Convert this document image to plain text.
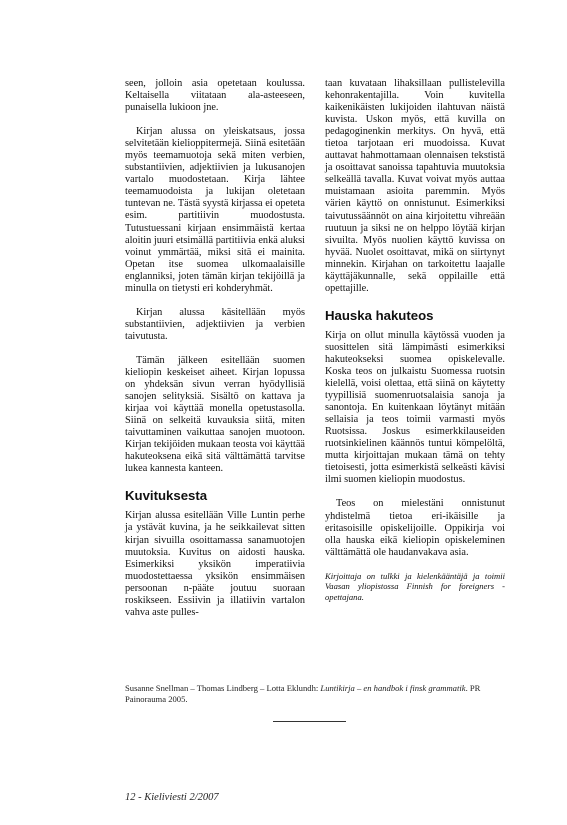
seen, jolloin asia opetetaan koulussa. Keltaisella viitataan ala-asteeseen, punaisella lukioon jne.

Kirjan alussa on yleiskatsaus, jossa selvitetään kielioppitermejä. Siinä esitetään myös teemamuotoja sekä miten verbien, substantiivien, adjektiivien ja lukusanojen vartalo muodostetaan. Kirja lähtee teemamuodoista ja lukijan oletetaan tuntevan ne. Tästä syystä kirjassa ei opeteta esim. partitiivin muodostusta. Tutustuessani kirjaan ensimmäistä kertaa aloitin juuri etsimällä partitiivia enkä aluksi voinut ymmärtää, miksi sitä ei mainita. Opetan itse suomea ulkomaalaisille englanniksi, joten tämän kirjan tekijöillä ja minulla on tietysti eri kohderyhmät.

Kirjan alussa käsitellään myös substantiivien, adjektiivien ja verbien taivutusta.

Tämän jälkeen esitellään suomen kieliopin keskeiset aiheet. Kirjan lopussa on yhdeksän sivun verran hyödyllisiä sanojen selityksiä. Sisältö on kattava ja kirjaa voi käyttää monella opetustasolla. Siinä on selkeitä kuvauksia siitä, miten taivuttaminen vaikuttaa sanojen muotoon. Kirjan tekijöiden mukaan teosta voi käyttää hakuteoksena eikä sitä välttämättä tarvitse lukea kannesta kanteen.

Kuvituksesta

Kirjan alussa esitellään Ville Luntin perhe ja ystävät kuvina, ja he seikkailevat sitten kirjan sivuilla osoittamassa sanamuotojen muutoksia. Kuvitus on aidosti hauska. Esimerkiksi yksikön imperatiivia muodostettaessa yksikön ensimmäisen persoonan n-pääte joutuu suoraan roskikseen. Essiivin ja illatiivin vartalon vahva aste pulles-

taan kuvataan lihaksillaan pullistelevilla kehonrakentajilla. Voin kuvitella kaikenikäisten lukijoiden ilahtuvan näistä kuvista. Uskon myös, että kuvilla on pedagoginenkin merkitys. On hyvä, että tietoa tarjotaan eri muodoissa. Kuvat auttavat hahmottamaan olennaisen tekstistä ja osoittavat sanoissa tapahtuvia muutoksia selkeällä tavalla. Kuvat voivat myös auttaa muistamaan asioita paremmin. Myös värien käyttö on onnistunut. Esimerkiksi taivutussäännöt on aina kirjoitettu vihreään ruutuun ja siksi ne on helppo löytää kirjan sivuilta. Myös nuolien käyttö kuvissa on hyvää. Nuolet osoittavat, mikä on siirtynyt minnekin. Kirjahan on tarkoitettu laajalle käyttäjäkunnalle, sekä oppilaille että opettajille.

Hauska hakuteos

Kirja on ollut minulla käytössä vuoden ja suosittelen sitä lämpimästi esimerkiksi hakuteokseksi suomea opiskelevalle. Koska teos on julkaistu Suomessa ruotsin kielellä, voisi olettaa, että siinä on käytetty tyypillisiä suomenruotsalaisia sanoja ja sanontoja. En kuitenkaan löytänyt mitään sellaisia ja teos toimii varmasti myös Ruotsissa. Joskus esimerkkilauseiden ruotsinkielinen käännös tuntui kömpelöltä, mutta kirjoittajan mukaan tämä on tehty tietoisesti, jotta esimerkistä selkeästi kävisi ilmi suomen kieliopin muodostus.

Teos on mielestäni onnistunut yhdistelmä tietoa eri-ikäisille ja eritasoisille opiskelijoille. Oppikirja voi olla hauska eikä kieliopin opiskeleminen välttämättä ole haudanvakava asia.

Kirjoittaja on tulkki ja kielenkääntäjä ja toimii Vaasan yliopistossa Finnish for foreigners -opettajana.

Susanne Snellman – Thomas Lindberg – Lotta Eklundh: Luntikirja – en handbok i finsk grammatik. PR Painorauma 2005.
12 - Kieliviesti 2/2007
